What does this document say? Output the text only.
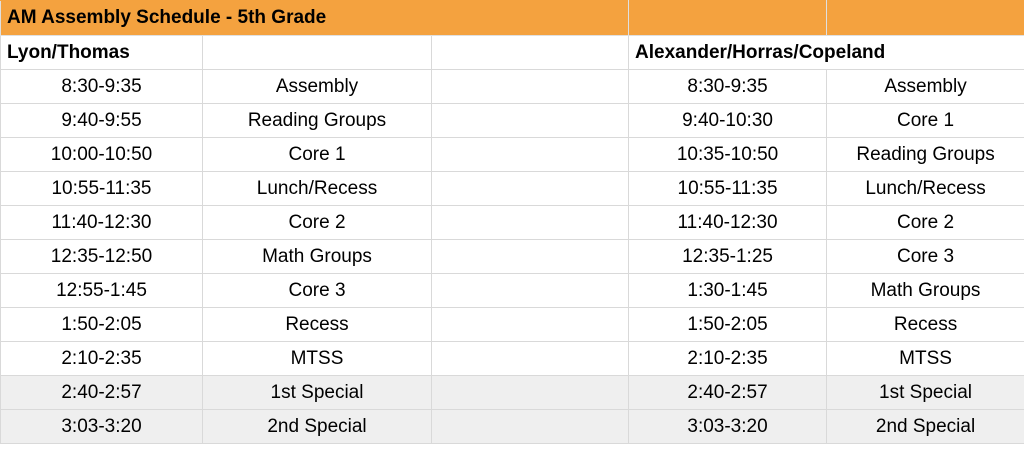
AM Assembly Schedule - 5th Grade				
Lyon/Thomas			Alexander/Horras/Copeland	
8:30-9:35	Assembly		8:30-9:35	Assembly
9:40-9:55	Reading Groups		9:40-10:30	Core 1
10:00-10:50	Core 1		10:35-10:50	Reading Groups
10:55-11:35	Lunch/Recess		10:55-11:35	Lunch/Recess
11:40-12:30	Core 2		11:40-12:30	Core 2
12:35-12:50	Math Groups		12:35-1:25	Core 3
12:55-1:45	Core 3		1:30-1:45	Math Groups
1:50-2:05	Recess		1:50-2:05	Recess
2:10-2:35	MTSS		2:10-2:35	MTSS
2:40-2:57	1st Special		2:40-2:57	1st Special
3:03-3:20	2nd Special		3:03-3:20	2nd Special
